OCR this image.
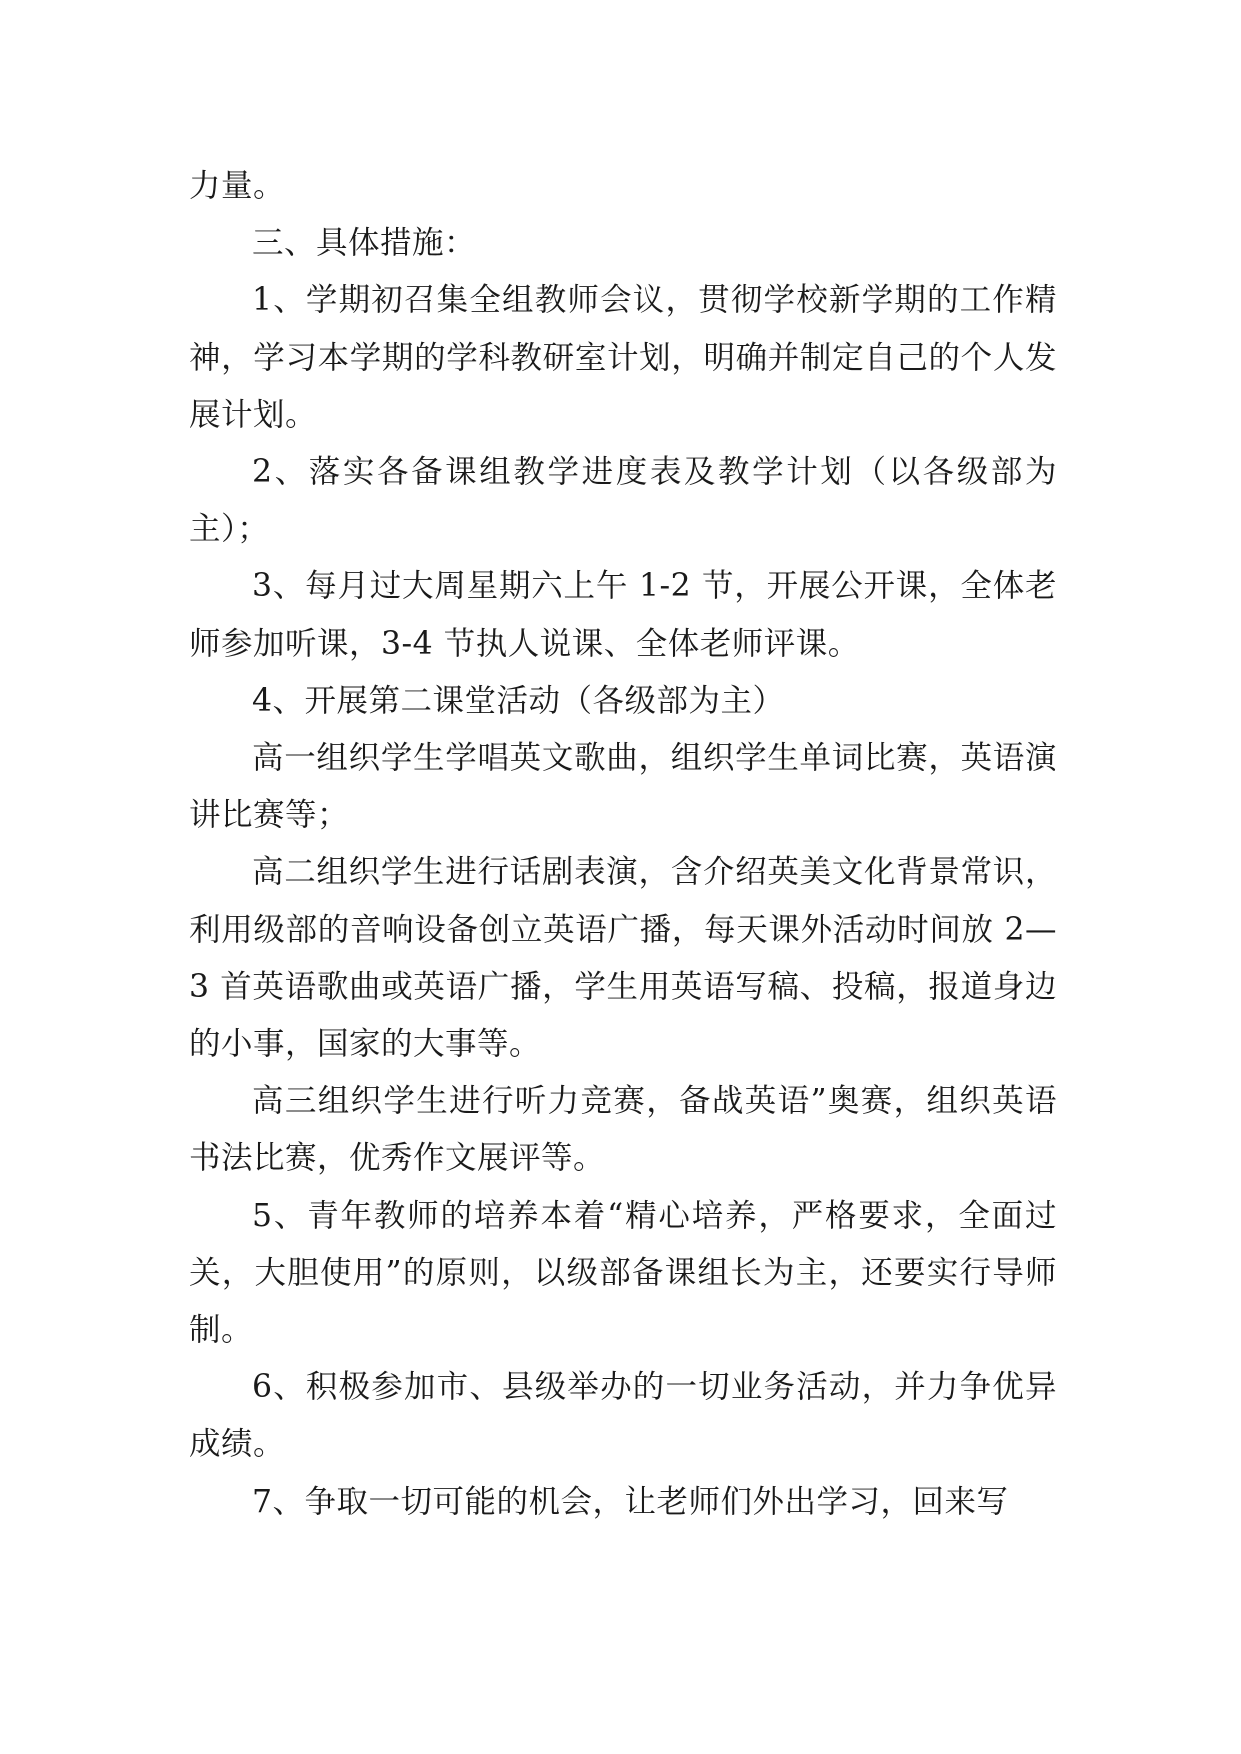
力量。

三、具体措施：

1、学期初召集全组教师会议，贯彻学校新学期的工作精神，学习本学期的学科教研室计划，明确并制定自己的个人发展计划。

2、落实各备课组教学进度表及教学计划（以各级部为主）；

3、每月过大周星期六上午 1-2 节，开展公开课，全体老师参加听课，3-4 节执人说课、全体老师评课。

4、开展第二课堂活动（各级部为主）

高一组织学生学唱英文歌曲，组织学生单词比赛，英语演讲比赛等；

高二组织学生进行话剧表演，含介绍英美文化背景常识，利用级部的音响设备创立英语广播，每天课外活动时间放 2—3 首英语歌曲或英语广播，学生用英语写稿、投稿，报道身边的小事，国家的大事等。

高三组织学生进行听力竞赛，备战英语”奥赛，组织英语书法比赛，优秀作文展评等。

5、青年教师的培养本着“精心培养，严格要求，全面过关，大胆使用”的原则，以级部备课组长为主，还要实行导师制。

6、积极参加市、县级举办的一切业务活动，并力争优异成绩。

7、争取一切可能的机会，让老师们外出学习，回来写
